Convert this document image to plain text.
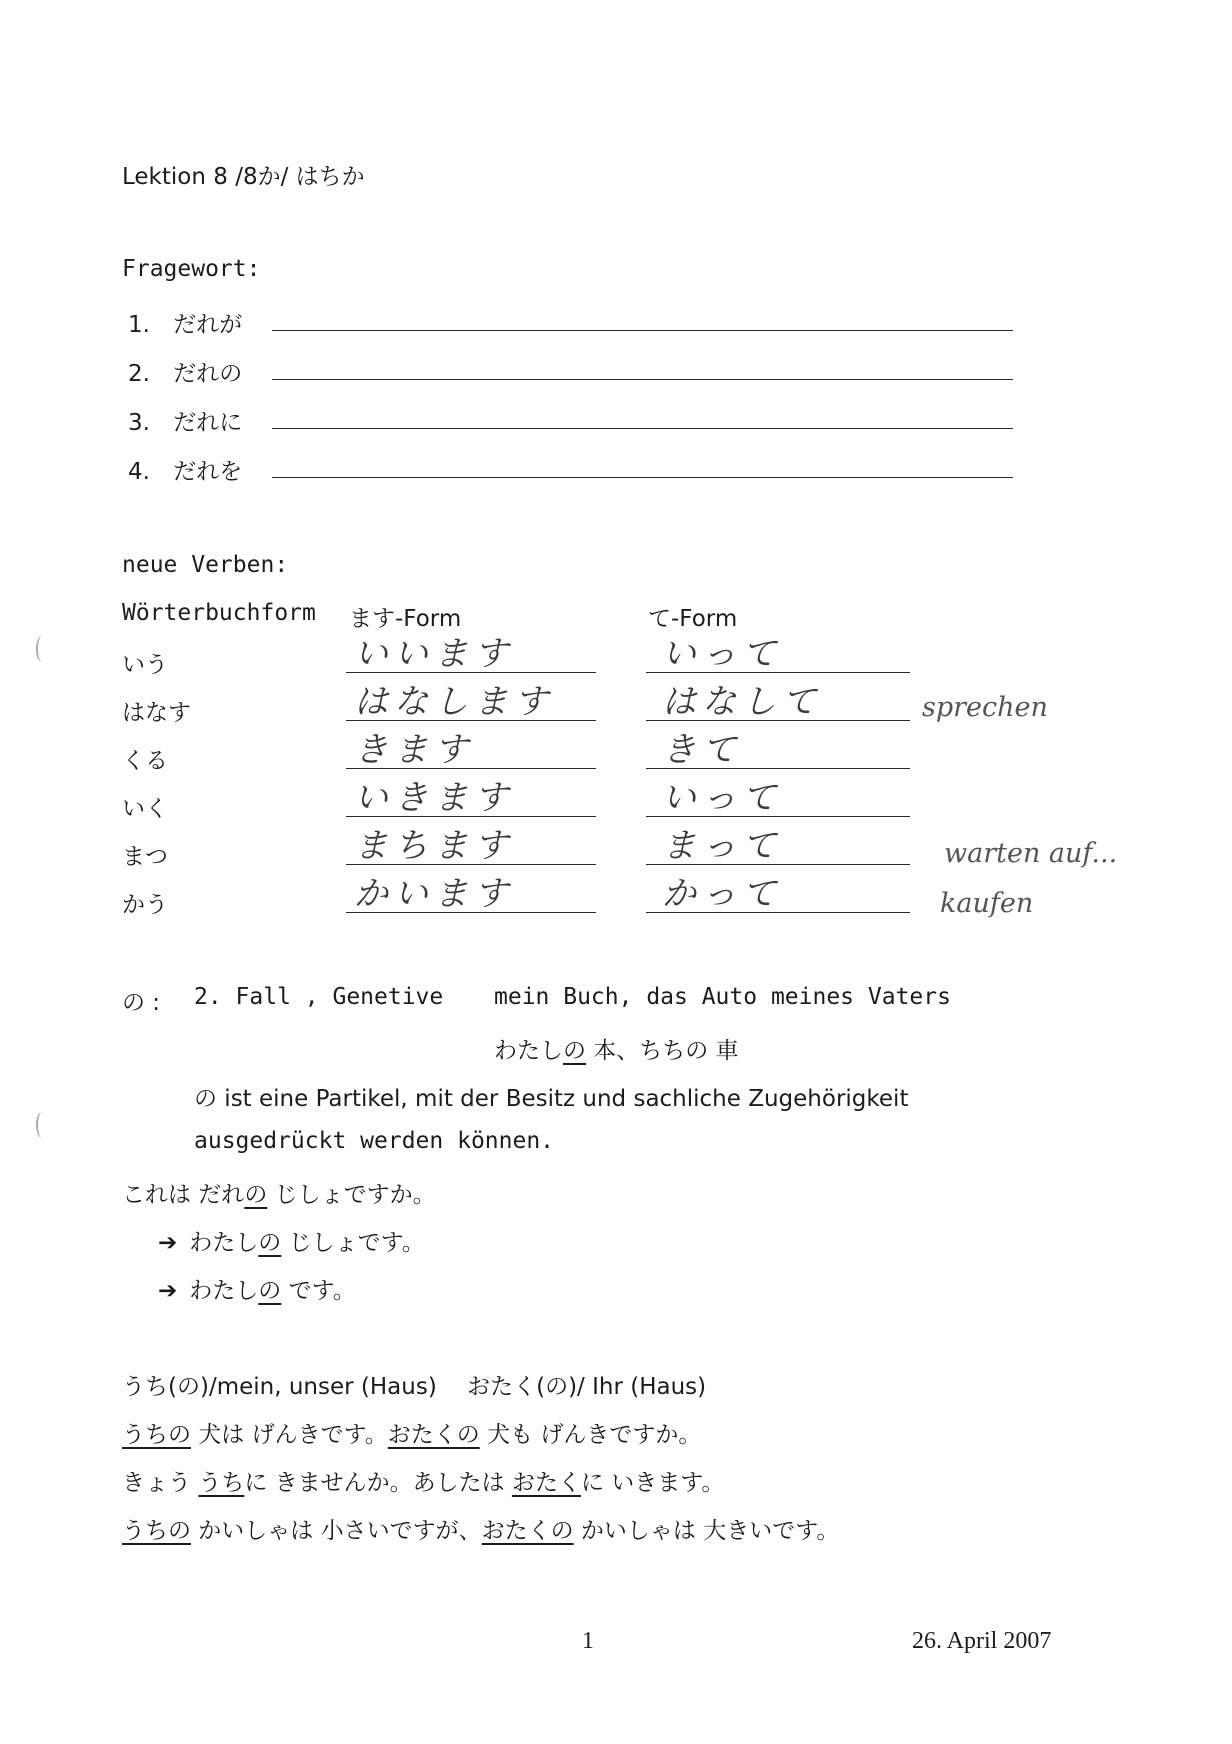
Lektion 8 /8か/ はちか
Fragewort:
1. だれが
2. だれの
3. だれに
4. だれを
neue Verben:
Wörterbuchform ます-Form	て-Form
いう	いいます	いって
はなす	はなします	はなして	sprechen
くる	きます	きて
いく	いきます	いって
まつ	まちます	まって	warten auf...
かう	かいます	かって	kaufen
の : 2. Fall , Genetive mein Buch, das Auto meines Vaters
わたしの 本、ちちの 車
の ist eine Partikel, mit der Besitz und sachliche Zugehörigkeit
ausgedrückt werden können.
これは だれの じしょですか。
➔ わたしの じしょです。
➔ わたしの です。
うち(の)/mein, unser (Haus)　 おたく(の)/ Ihr (Haus)
うちの 犬は げんきです。おたくの 犬も げんきですか。
きょう うちに きませんか。あしたは おたくに いきます。
うちの かいしゃは 小さいですが、おたくの かいしゃは 大きいです。
1	26. April 2007
